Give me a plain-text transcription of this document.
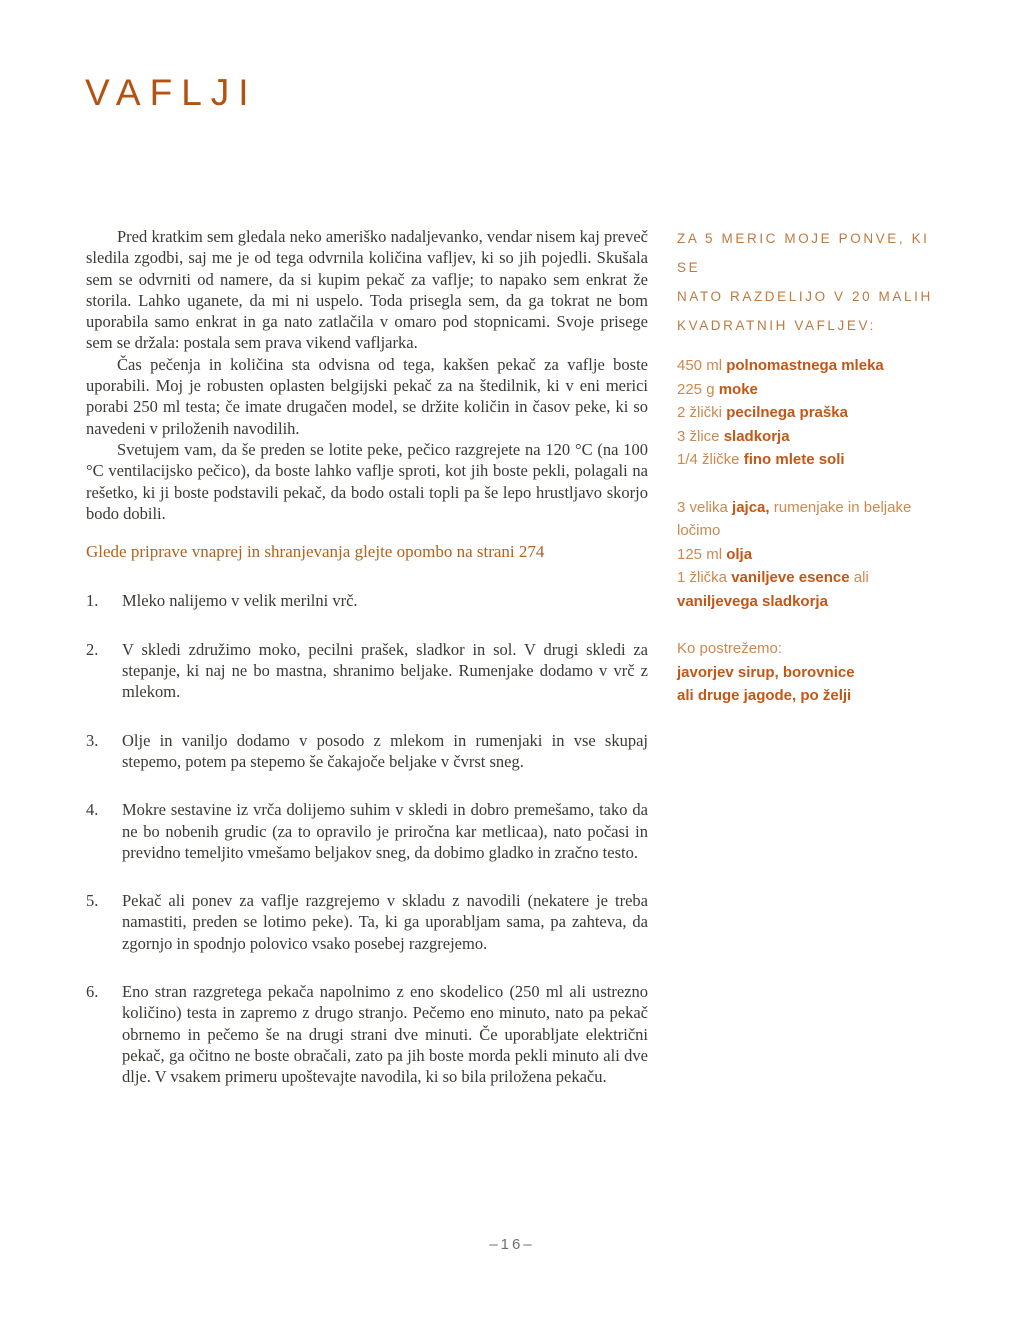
VAFLJI

Pred kratkim sem gledala neko ameriško nadaljevanko, vendar nisem kaj preveč sledila zgodbi, saj me je od tega odvrnila količina vafljev, ki so jih pojedli. Skušala sem se odvrniti od namere, da si kupim pekač za vaflje; to napako sem enkrat že storila. Lahko uganete, da mi ni uspelo. Toda prisegla sem, da ga tokrat ne bom uporabila samo enkrat in ga nato zatlačila v omaro pod stopnicami. Svoje prisege sem se držala: postala sem prava vikend vafljarka.

Čas pečenja in količina sta odvisna od tega, kakšen pekač za vaflje boste uporabili. Moj je robusten oplasten belgijski pekač za na štedilnik, ki v eni merici porabi 250 ml testa; če imate drugačen model, se držite količin in časov peke, ki so navedeni v priloženih navodilih.

Svetujem vam, da še preden se lotite peke, pečico razgrejete na 120 °C (na 100 °C ventilacijsko pečico), da boste lahko vaflje sproti, kot jih boste pekli, polagali na rešetko, ki ji boste podstavili pekač, da bodo ostali topli pa še lepo hrustljavo skorjo bodo dobili.

Glede priprave vnaprej in shranjevanja glejte opombo na strani 274

1.	Mleko nalijemo v velik merilni vrč.
2.	V skledi združimo moko, pecilni prašek, sladkor in sol. V drugi skledi za stepanje, ki naj ne bo mastna, shranimo beljake. Rumenjake dodamo v vrč z mlekom.
3.	Olje in vaniljo dodamo v posodo z mlekom in rumenjaki in vse skupaj stepemo, potem pa stepemo še čakajoče beljake v čvrst sneg.
4.	Mokre sestavine iz vrča dolijemo suhim v skledi in dobro premešamo, tako da ne bo nobenih grudic (za to opravilo je priročna kar metlicaa), nato počasi in previdno temeljito vmešamo beljakov sneg, da dobimo gladko in zračno testo.
5.	Pekač ali ponev za vaflje razgrejemo v skladu z navodili (nekatere je treba namastiti, preden se lotimo peke). Ta, ki ga uporabljam sama, pa zahteva, da zgornjo in spodnjo polovico vsako posebej razgrejemo.
6.	Eno stran razgretega pekača napolnimo z eno skodelico (250 ml ali ustrezno količino) testa in zapremo z drugo stranjo. Pečemo eno minuto, nato pa pekač obrnemo in pečemo še na drugi strani dve minuti. Če uporabljate električni pekač, ga očitno ne boste obračali, zato pa jih boste morda pekli minuto ali dve dlje. V vsakem primeru upoštevajte navodila, ki so bila priložena pekaču.
ZA 5 MERIC MOJE PONVE, KI SE
NATO RAZDELIJO V 20 MALIH
KVADRATNIH VAFLJEV:
450 ml polnomastnega mleka
225 g moke
2 žlički pecilnega praška
3 žlice sladkorja
1/4 žličke fino mlete soli
3 velika jajca, rumenjake in beljake ločimo
125 ml olja
1 žlička vaniljeve esence ali
vaniljevega sladkorja
Ko postrežemo:
javorjev sirup, borovnice
ali druge jagode, po želji
–16–
